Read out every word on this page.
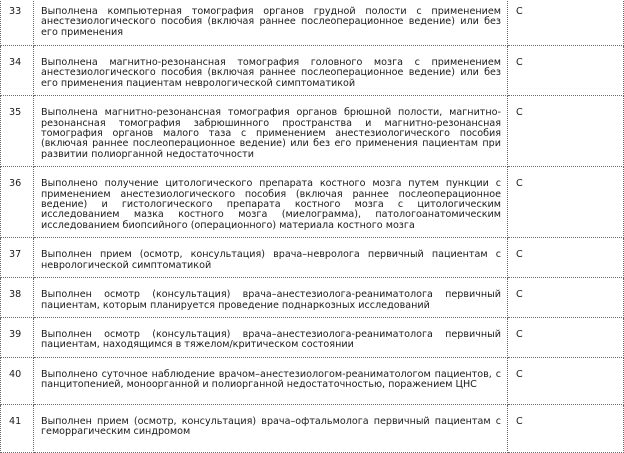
33	Выполнена компьютерная томография органов грудной полости с применением анестезиологического пособия (включая раннее послеоперационное ведение) или без его применения	С
34	Выполнена магнитно-резонансная томография головного мозга с применением анестезиологического пособия (включая раннее послеоперационное ведение) или без его применения пациентам неврологической симптоматикой	С
35	Выполнена магнитно-резонансная томография органов брюшной полости, магнитно-резонансная томография забрюшинного пространства и магнитно-резонансная томография органов малого таза с применением анестезиологического пособия (включая раннее послеоперационное ведение) или без его применения пациентам при развитии полиорганной недостаточности	С
36	Выполнено получение цитологического препарата костного мозга путем пункции с применением анестезиологического пособия (включая раннее послеоперационное ведение) и гистологического препарата костного мозга с цитологическим исследованием мазка костного мозга (миелограмма), патологоанатомическим исследованием биопсийного (операционного) материала костного мозга	С
37	Выполнен прием (осмотр, консультация) врача–невролога первичный пациентам с неврологической симптоматикой	С
38	Выполнен осмотр (консультация) врача–анестезиолога-реаниматолога первичный пациентам, которым планируется проведение поднаркозных исследований	С
39	Выполнен осмотр (консультация) врача–анестезиолога-реаниматолога первичный пациентам, находящимся в тяжелом/критическом состоянии	С
40	Выполнено суточное наблюдение врачом–анестезиологом-реаниматологом пациентов, с панцитопенией, моноорганной и полиорганной недостаточностью, поражением ЦНС	С
41	Выполнен прием (осмотр, консультация) врача–офтальмолога первичный пациентам с геморрагическим синдромом	С
